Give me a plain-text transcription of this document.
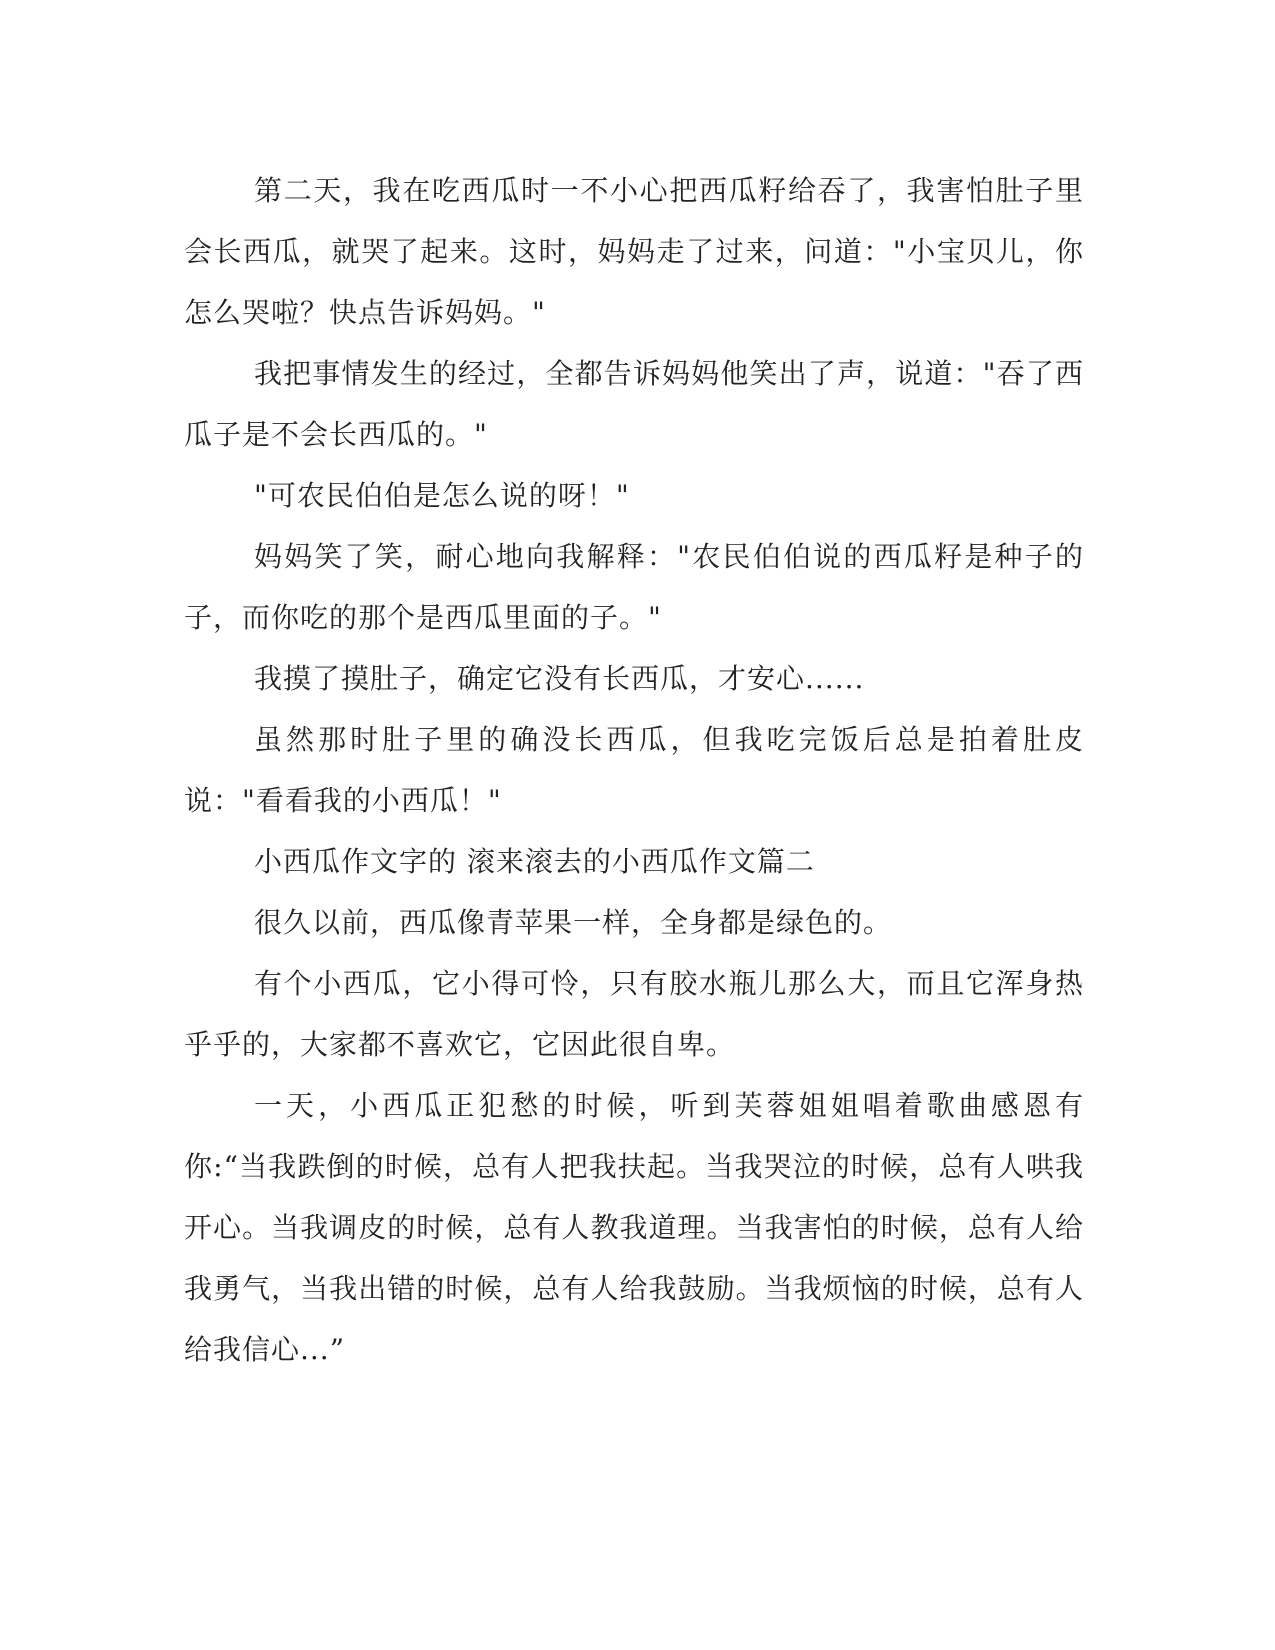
第二天，我在吃西瓜时一不小心把西瓜籽给吞了，我害怕肚子里会长西瓜，就哭了起来。这时，妈妈走了过来，问道："小宝贝儿，你怎么哭啦？快点告诉妈妈。"

我把事情发生的经过，全都告诉妈妈他笑出了声，说道："吞了西瓜子是不会长西瓜的。"

"可农民伯伯是怎么说的呀！"

妈妈笑了笑，耐心地向我解释："农民伯伯说的西瓜籽是种子的子，而你吃的那个是西瓜里面的子。"

我摸了摸肚子，确定它没有长西瓜，才安心......

虽然那时肚子里的确没长西瓜，但我吃完饭后总是拍着肚皮说："看看我的小西瓜！"

小西瓜作文字的 滚来滚去的小西瓜作文篇二

很久以前，西瓜像青苹果一样，全身都是绿色的。

有个小西瓜，它小得可怜，只有胶水瓶儿那么大，而且它浑身热乎乎的，大家都不喜欢它，它因此很自卑。

一天，小西瓜正犯愁的时候，听到芙蓉姐姐唱着歌曲感恩有你:“当我跌倒的时候，总有人把我扶起。当我哭泣的时候，总有人哄我开心。当我调皮的时候，总有人教我道理。当我害怕的时候，总有人给我勇气，当我出错的时候，总有人给我鼓励。当我烦恼的时候，总有人给我信心...”
